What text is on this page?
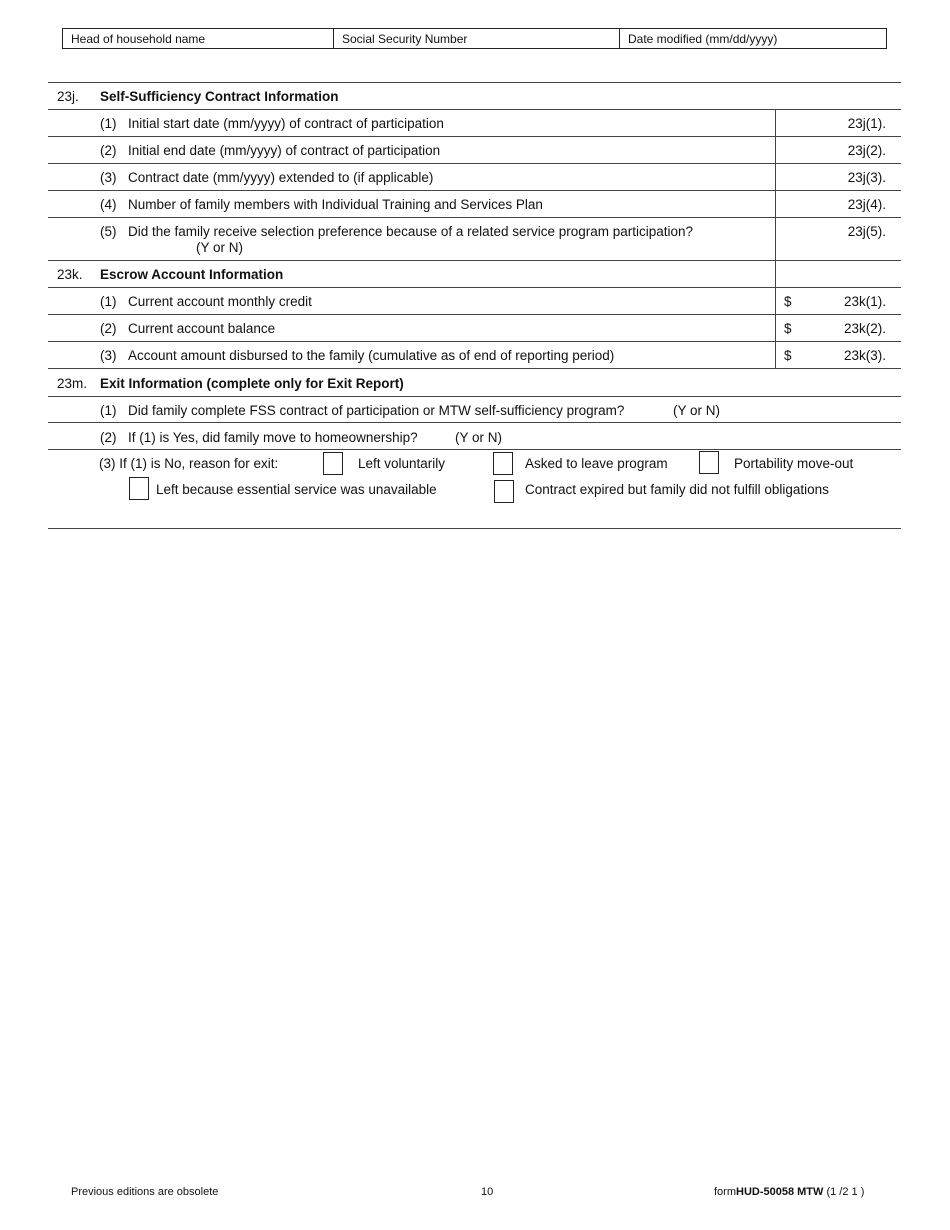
Head of household name	Social Security Number	Date modified (mm/dd/yyyy)
23j. Self-Sufficiency Contract Information
(1) Initial start date (mm/yyyy) of contract of participation	23j(1).
(2) Initial end date (mm/yyyy) of contract of participation	23j(2).
(3) Contract date (mm/yyyy) extended to (if applicable)	23j(3).
(4) Number of family members with Individual Training and Services Plan	23j(4).
(5) Did the family receive selection preference because of a related service program participation?
(Y or N)
23j(5).
23k. Escrow Account Information
(1) Current account monthly credit	$	23k(1).
(2) Current account balance	$	23k(2).
(3) Account amount disbursed to the family (cumulative as of end of reporting period)	$	23k(3).
23m. Exit Information (complete only for Exit Report)
(1) Did family complete FSS contract of participation or MTW self-sufficiency program?	(Y or N)
(2) If (1) is Yes, did family move to homeownership?	(Y or N)
(3) If (1) is No, reason for exit:	Left voluntarily	Asked to leave program	Portability move-out
Left because essential service was unavailable	Contract expired but family did not fulfill obligations
Previous editions are obsolete	10	formHUD-50058 MTW (1 /2 1 )
